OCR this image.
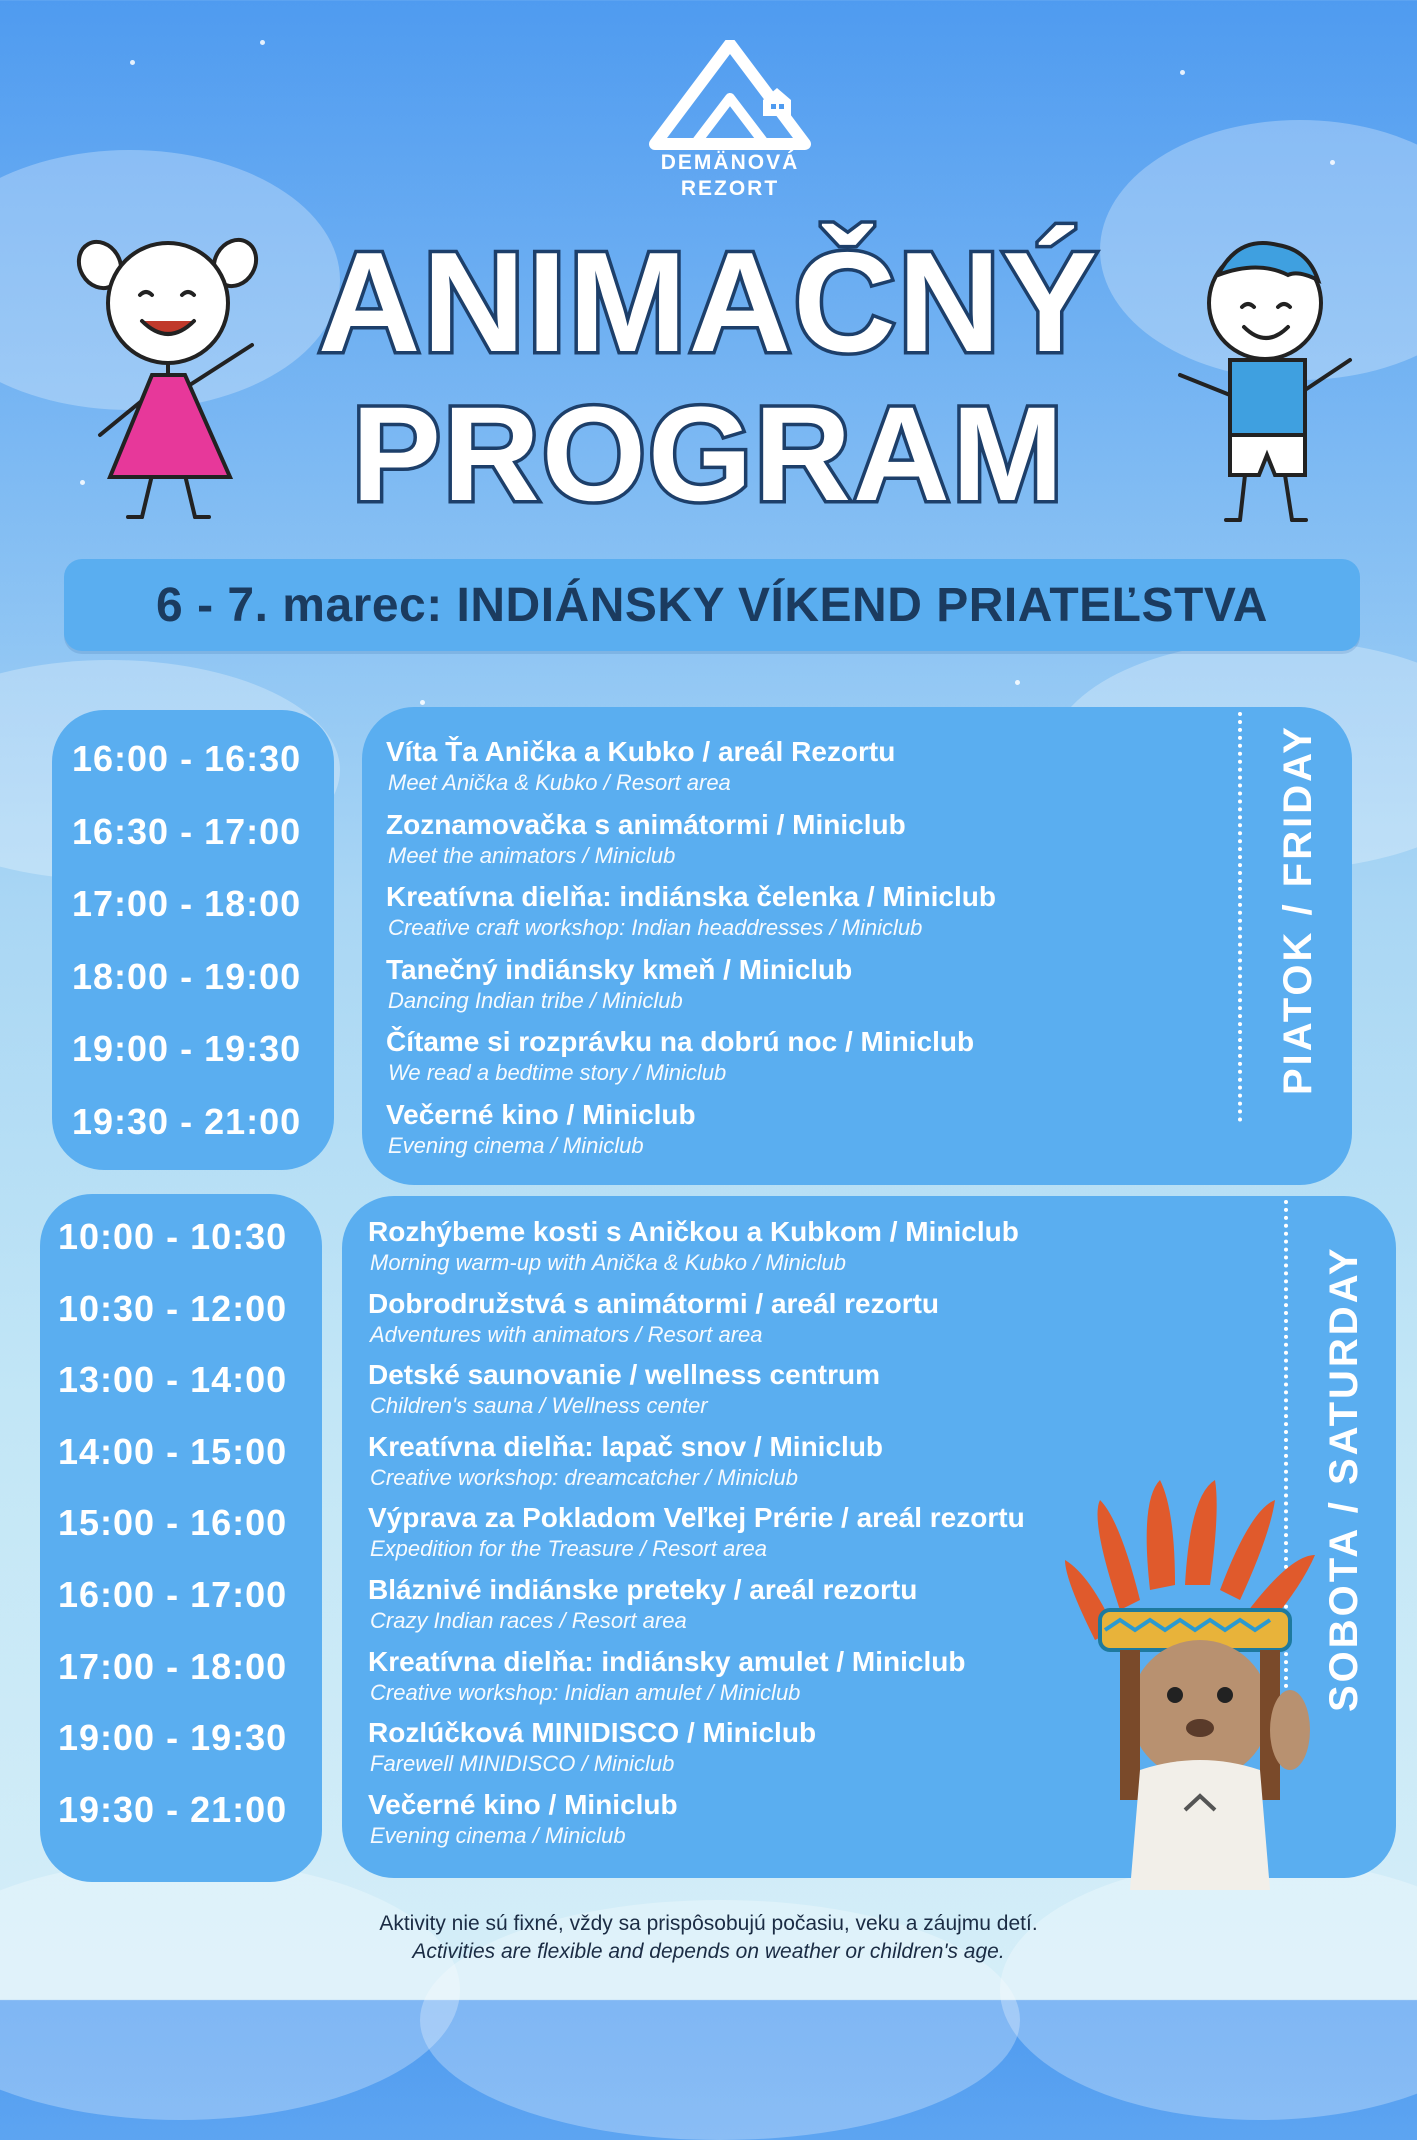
DEMÄNOVÁ
REZORT
ANIMAČNÝ
PROGRAM
6 - 7. marec: INDIÁNSKY VÍKEND PRIATEĽSTVA
PIATOK / FRIDAY
16:00 - 16:30
16:30 - 17:00
17:00 - 18:00
18:00 - 19:00
19:00 - 19:30
19:30 - 21:00
Víta Ťa Anička a Kubko / areál Rezortu
Meet Anička & Kubko / Resort area
Zoznamovačka s animátormi / Miniclub
Meet the animators / Miniclub
Kreatívna dielňa: indiánska čelenka / Miniclub
Creative craft workshop: Indian headdresses / Miniclub
Tanečný indiánsky kmeň / Miniclub
Dancing Indian tribe / Miniclub
Čítame si rozprávku na dobrú noc / Miniclub
We read a bedtime story / Miniclub
Večerné kino / Miniclub
Evening cinema / Miniclub
SOBOTA / SATURDAY
10:00 - 10:30
10:30 - 12:00
13:00 - 14:00
14:00 - 15:00
15:00 - 16:00
16:00 - 17:00
17:00 - 18:00
19:00 - 19:30
19:30 - 21:00
Rozhýbeme kosti s Aničkou a Kubkom / Miniclub
Morning warm-up with Anička & Kubko / Miniclub
Dobrodružstvá s animátormi / areál rezortu
Adventures with animators / Resort area
Detské saunovanie / wellness centrum
Children's sauna / Wellness center
Kreatívna dielňa: lapač snov / Miniclub
Creative workshop: dreamcatcher / Miniclub
Výprava za Pokladom Veľkej Prérie / areál rezortu
Expedition for the Treasure / Resort area
Bláznivé indiánske preteky / areál rezortu
Crazy Indian races / Resort area
Kreatívna dielňa: indiánsky amulet / Miniclub
Creative workshop: Inidian amulet / Miniclub
Rozlúčková MINIDISCO / Miniclub
Farewell MINIDISCO / Miniclub
Večerné kino / Miniclub
Evening cinema / Miniclub
Aktivity nie sú fixné, vždy sa prispôsobujú počasiu, veku a záujmu detí.
Activities are flexible and depends on weather or children's age.
